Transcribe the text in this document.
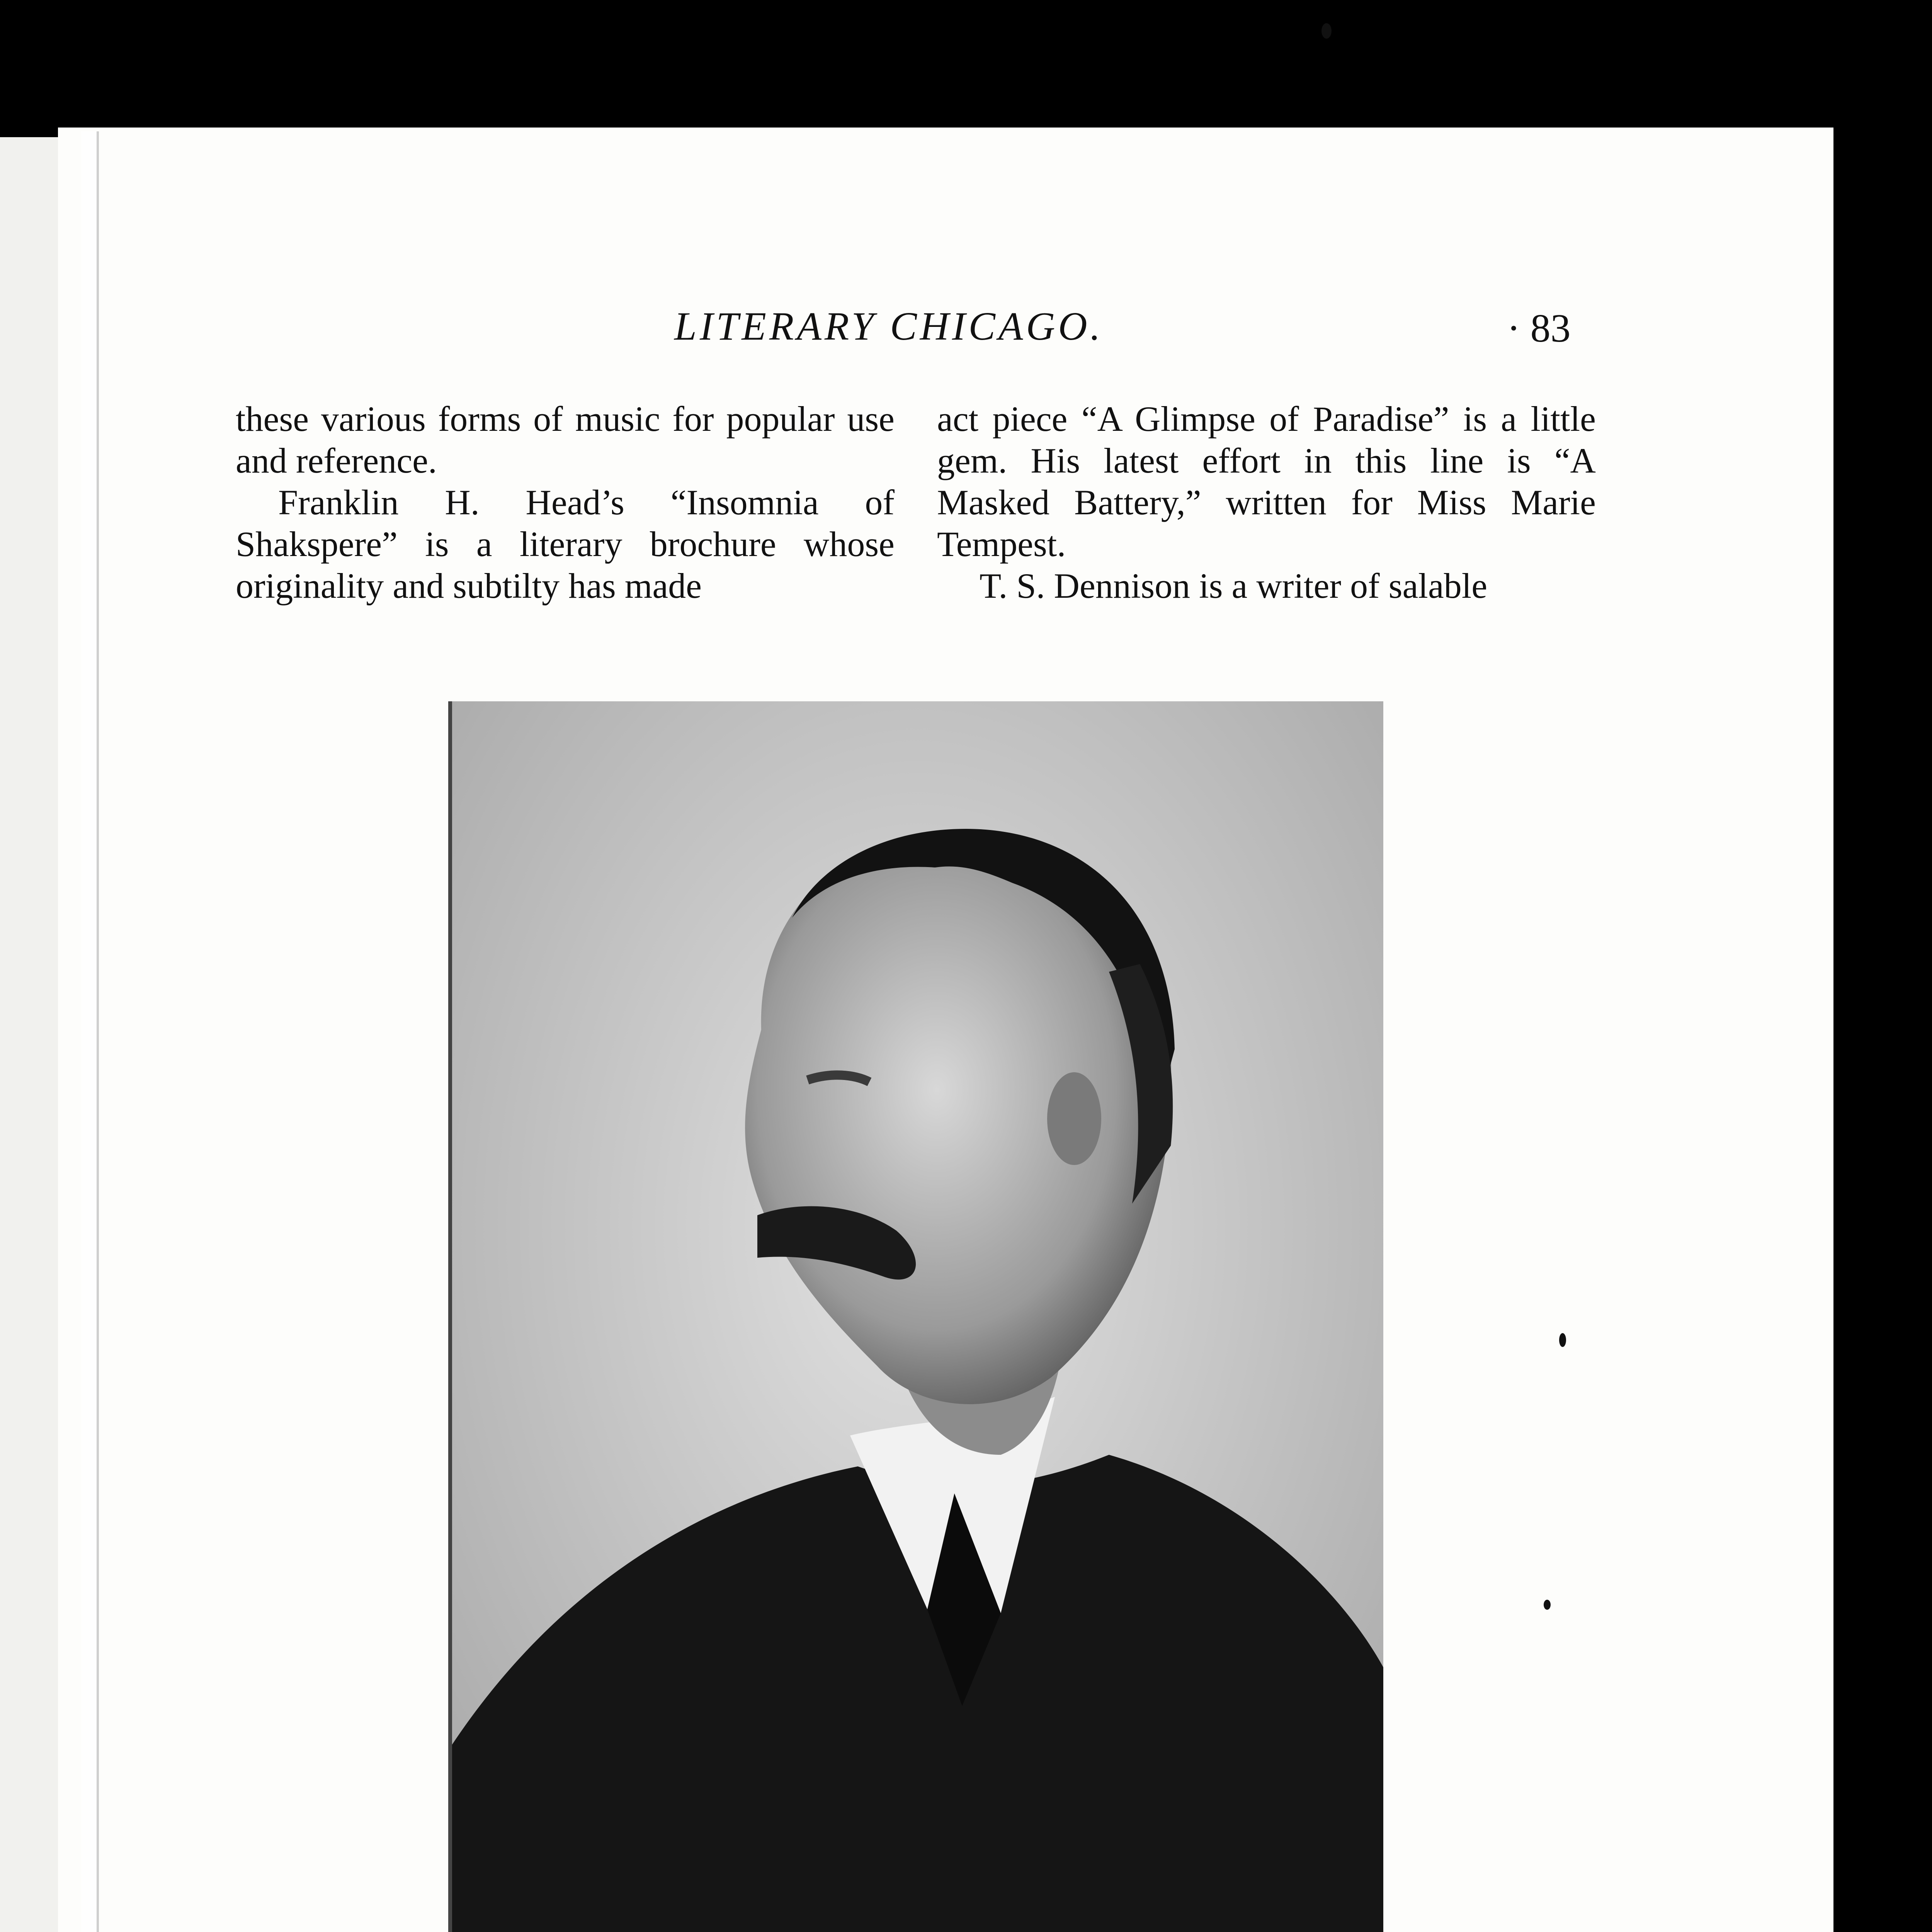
LITERARY CHICAGO.	· 83

these various forms of music for popular use and reference.

Franklin H. Head’s “Insomnia of Shakspere” is a literary brochure whose originality and subtilty has made

act piece “A Glimpse of Paradise” is a little gem. His latest effort in this line is “A Masked Battery,” written for Miss Marie Tempest.

T. S. Dennison is a writer of salable
